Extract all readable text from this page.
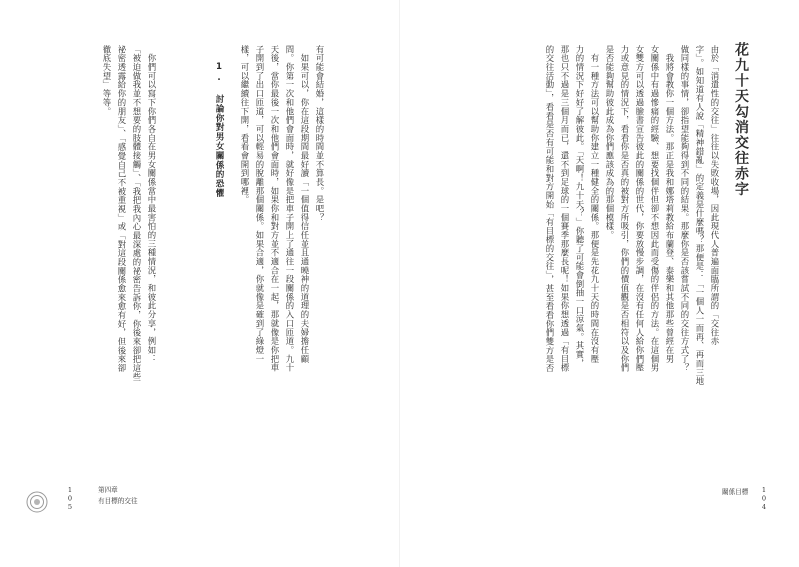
花九十天勾消交往赤字
由於「消遣性的交往」往往以失敗收場，因此現代人普遍面臨所謂的「交往赤
字」。如知道有人說「精神錯亂」的定義是什麼嗎？那便是：「一個人一而再、再而三地
做同樣的事情，卻指望能夠得到不同的結果。那麼你是否該嘗試不同的交往方式了？
　我將會教你一個方法。那正是我和娜塔莉教給布蘭登、泰樂和其他那些曾經在男
女關係中有過慘痛的經驗、想要找個伴但卻不想因此而受傷的伴侶的方法。在這個男
女雙方可以透過臉書宣告彼此的關係的世代，你要放慢步調，在沒有任何人給你們壓
力或意見的情況下，看看你是否真的被對方所吸引，你們的價值觀是否相符以及你們
是否能夠幫助彼此成為你們應該成為的那個模樣。
　有一種方法可以幫助你建立一種健全的關係。那便是先花九十天的時間在沒有壓
力的情況下好好了解彼此。「天啊！九十天？」你聽了可能會倒抽一口涼氣。其實，
那也只不過是三個月而已，還不到足球的一個賽季那麼長呢！如果你想透過「有目標
的交往活動」，看看是否有可能和對方開始「有目標的交往」，甚至看看你們雙方是否
關係目標 104
有可能會結婚，這樣的時間並不算長。是吧？
　如果可以，你在這段期間最好讀「一個值得信任並且通曉神的道理的夫婦擔任顧
問。你第一次和他們會面時，就好像是把車子開上了通往一段關係的入口匝道。九十
天後，當你最後一次和他們會面時，如果你和對方並不適合在一起，那就像是你把車
子開到了出口匝道，可以輕易的脫離那個關係。如果合適，你就像是確到了綠燈一
樣，可以繼續往下開，看看會開到哪裡。
1. 討論你對男女關係的恐懼
　你們可以寫下你們各自在男女關係當中最害怕的三種情況，和彼此分享，例如：
「被迫做我並不想要的肢體接觸」、「我把我內心最深處的祕密告訴你，你後來卻把這些
祕密透露給你的朋友」、「感覺自己不被重視」或「對這段關係愈來愈有好，但後來卻
徹底失望」等等。
105	第四章
有目標的交往
